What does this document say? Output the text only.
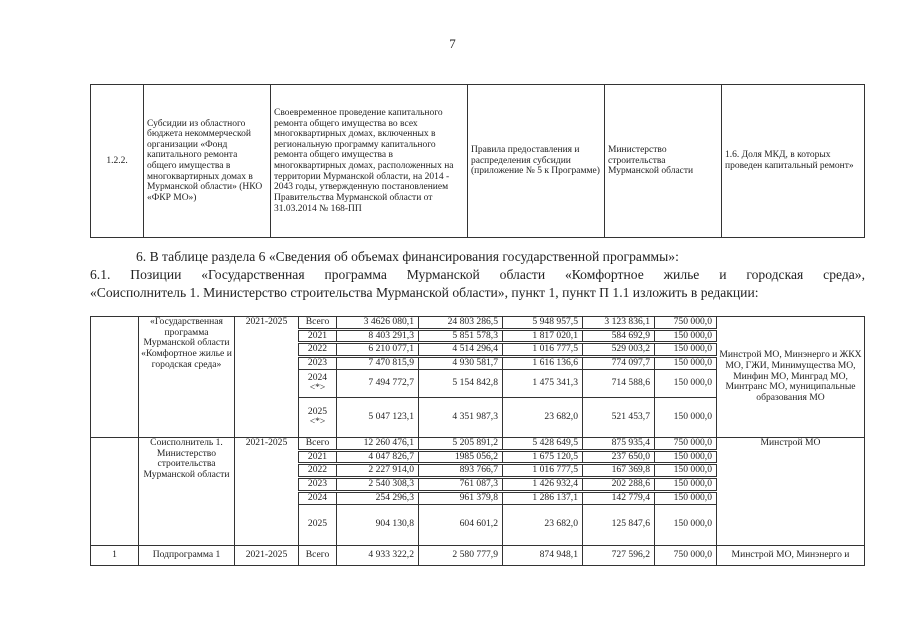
7
1.2.2.	Субсидии из областного бюджета некоммерческой организации «Фонд капитального ремонта общего имущества в многоквартирных домах в Мурманской области» (НКО «ФКР МО»)	Своевременное проведение капитального ремонта общего имущества во всех многоквартирных домах, включенных в региональную программу капитального ремонта общего имущества в многоквартирных домах, расположенных на территории Мурманской области, на 2014 - 2043 годы, утвержденную постановлением Правительства Мурманской области от 31.03.2014 № 168-ПП	Правила предоставления и распределения субсидии (приложение № 5 к Программе)	Министерство строительства Мурманской области	1.6. Доля МКД, в которых проведен капитальный ремонт»
6. В таблице раздела 6 «Сведения об объемах финансирования государственной программы»:
6.1. Позиции «Государственная программа Мурманской области «Комфортное жилье и городская среда»,
«Соисполнитель 1. Министерство строительства Мурманской области», пункт 1, пункт П 1.1 изложить в редакции:
	«Государственная программа Мурманской области «Комфортное жилье и городская среда»	2021-2025	Всего	3 4626 080,1	24 803 286,5	5 948 957,5	3 123 836,1	750 000,0	Минстрой МО, Минэнерго и ЖКХ МО, ГЖИ, Минимущества МО, Минфин МО, Минград МО, Минтранс МО, муниципальные образования МО
			2021	8 403 291,3	5 851 578,3	1 817 020,1	584 692,9	150 000,0	
			2022	6 210 077,1	4 514 296,4	1 016 777,5	529 003,2	150 000,0	
			2023	7 470 815,9	4 930 581,7	1 616 136,6	774 097,7	150 000,0	
			2024 <*>	7 494 772,7	5 154 842,8	1 475 341,3	714 588,6	150 000,0	
			2025 <*>	5 047 123,1	4 351 987,3	23 682,0	521 453,7	150 000,0	
	Соисполнитель 1. Министерство строительства Мурманской области	2021-2025	Всего	12 260 476,1	5 205 891,2	5 428 649,5	875 935,4	750 000,0	Минстрой МО
			2021	4 047 826,7	1985 056,2	1 675 120,5	237 650,0	150 000,0	
			2022	2 227 914,0	893 766,7	1 016 777,5	167 369,8	150 000,0	
			2023	2 540 308,3	761 087,3	1 426 932,4	202 288,6	150 000,0	
			2024	254 296,3	961 379,8	1 286 137,1	142 779,4	150 000,0	
			2025	904 130,8	604 601,2	23 682,0	125 847,6	150 000,0	
1	Подпрограмма 1	2021-2025	Всего	4 933 322,2	2 580 777,9	874 948,1	727 596,2	750 000,0	Минстрой МО, Минэнерго и
